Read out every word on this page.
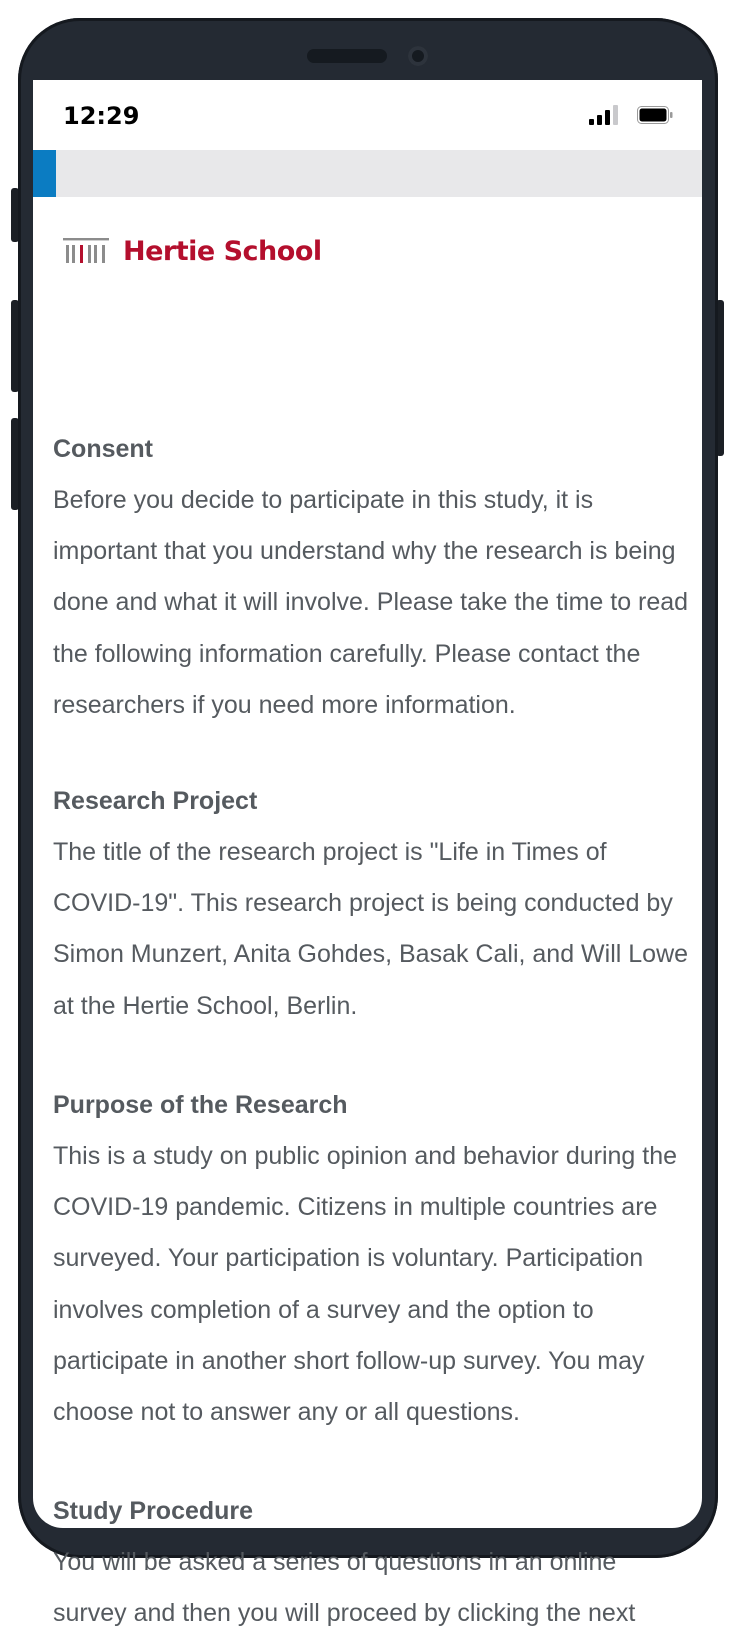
12:29
Hertie School
Consent

Before you decide to participate in this study, it is important that you understand why the research is being done and what it will involve. Please take the time to read the following information carefully. Please contact the researchers if you need more information.

Research Project

The title of the research project is "Life in Times of COVID-19". This research project is being conducted by Simon Munzert, Anita Gohdes, Basak Cali, and Will Lowe at the Hertie School, Berlin.

Purpose of the Research

This is a study on public opinion and behavior during the COVID-19 pandemic. Citizens in multiple countries are surveyed. Your participation is voluntary. Participation involves completion of a survey and the option to participate in another short follow-up survey. You may choose not to answer any or all questions.

Study Procedure

You will be asked a series of questions in an online survey and then you will proceed by clicking the next
